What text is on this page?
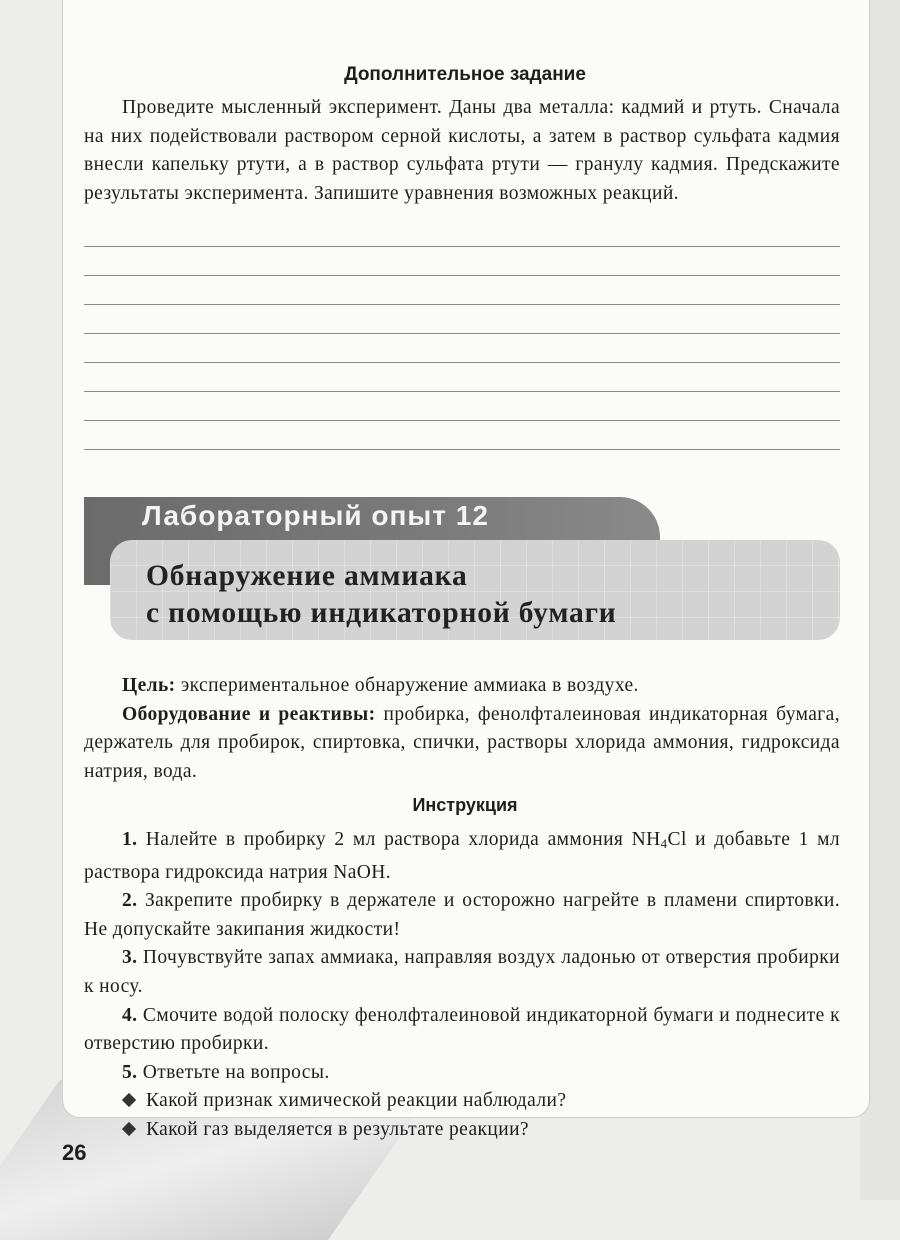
Дополнительное задание

Проведите мысленный эксперимент. Даны два металла: кадмий и ртуть. Сначала на них подействовали раствором серной кислоты, а затем в раствор сульфата кадмия внесли капельку ртути, а в раствор сульфата ртути — гранулу кадмия. Предскажите результаты эксперимента. Запишите уравнения возможных реакций.

Лабораторный опыт 12
Обнаружение аммиака
с помощью индикаторной бумаги

Цель: экспериментальное обнаружение аммиака в воздухе.

Оборудование и реактивы: пробирка, фенолфталеиновая индикаторная бумага, держатель для пробирок, спиртовка, спички, растворы хлорида аммония, гидроксида натрия, вода.

Инструкция

1. Налейте в пробирку 2 мл раствора хлорида аммония $NH_4Cl$ и добавьте 1 мл раствора гидроксида натрия NaOH.

2. Закрепите пробирку в держателе и осторожно нагрейте в пламени спиртовки. Не допускайте закипания жидкости!

3. Почувствуйте запах аммиака, направляя воздух ладонью от отверстия пробирки к носу.

4. Смочите водой полоску фенолфталеиновой индикаторной бумаги и поднесите к отверстию пробирки.

5. Ответьте на вопросы.

Какой признак химической реакции наблюдали?

Какой газ выделяется в результате реакции?

26
